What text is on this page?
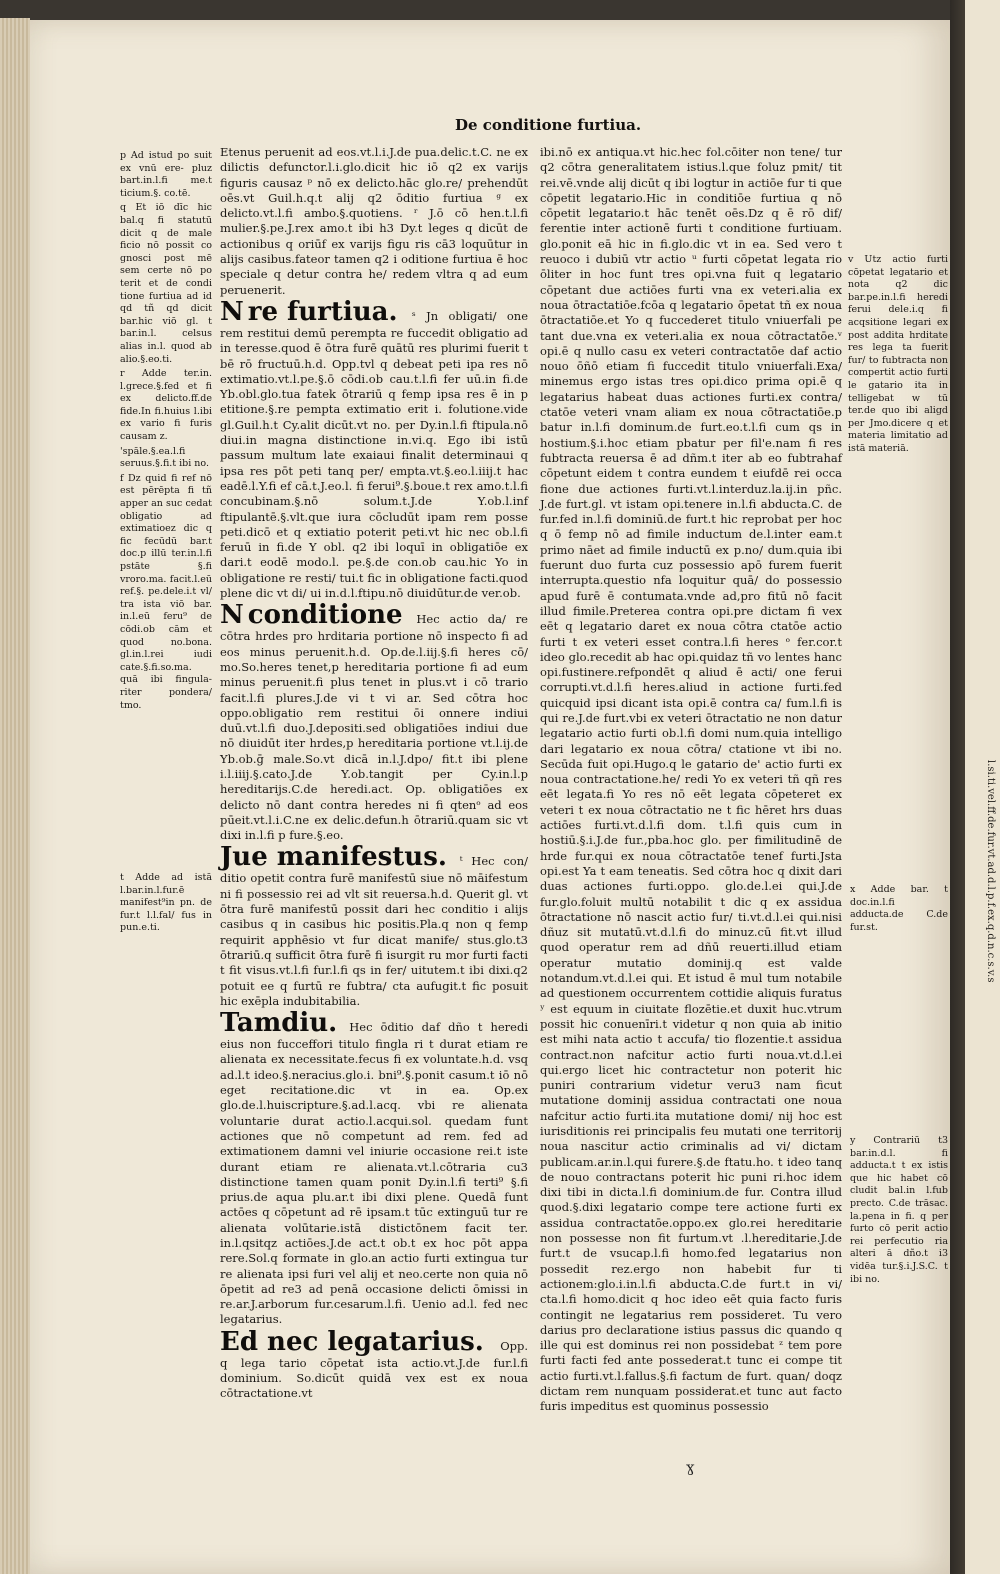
l.si.ti.vel.ff.de.fur.vt.ad.d.l.p.f.ex.q.d.n.c.s.v.s
De conditione furtiua.
p Ad istud po suit ex vnū ere- pluz bart.in.l.fi me.t ticium.§. co.tē.
q Et iō dīc hic bal.q fi statutū dicit q de male ficio nō possit co gnosci post mē sem certe nō po terit et de condi tione furtiua ad id qd tñ qd dicit bar.hic viō gl. t bar.in.l. celsus alias in.l. quod ab alio.§.eo.ti.
r Adde ter.in. l.grece.§.fed et fi ex delicto.ff.de fide.In fi.huius l.ibi ex vario fi furis causam z.
'spāle.§.ea.l.fi seruus.§.fi.t ibi no.
f Dz quid fi ref nō est pērēpta fi tñ apper an suc cedat obligatio ad extimatioez dic q fic fecūdū bar.t doc.p illū ter.in.l.fi pstāte §.fi vroro.ma. facit.l.eū ref.§. pe.dele.i.t vl/ tra ista viō bar. in.l.eū feru⁹ de cōdi.ob cām et quod no.bona. gl.in.l.rei iudi cate.§.fi.so.ma. quā ibi fingula- riter pondera/ tmo.
t Adde ad istā l.bar.in.l.fur.ē manifest⁹in pn. de fur.t l.l.fal/ fus in pun.e.ti.
Etenus peruenit ad eos.vt.l.i.J.de pua.delic.t.C. ne ex dilictis defunctor.l.i.glo.dicit hic iō q2 ex varijs figuris causaz ᵖ nō ex delicto.hāc glo.re/ prehendūt oēs.vt Guil.h.q.t alij q2 ōditio furtiua ᵍ ex delicto.vt.l.fi ambo.§.quotiens. ʳ J.ō cō hen.t.l.fi mulier.§.pe.J.rex amo.t ibi h3 Dy.t leges q dicūt de actionibus q oriūf ex varijs figu ris cā3 loquūtur in alijs casibus.fateor tamen q2 i oditione furtiua ē hoc speciale q detur contra he/ redem vltra q ad eum peruenerit.
N re furtiua. ˢ Jn obligati/ one rem restitui demū perempta re fuccedit obligatio ad in teresse.quod ē ōtra furē quātū res plurimi fuerit t bē rō fructuū.h.d. Opp.tvl q debeat peti ipa res nō extimatio.vt.l.pe.§.ō cōdi.ob cau.t.l.fi fer uū.in fi.de Yb.obl.glo.tua fatek ōtrariū q femp ipsa res ē in p etitione.§.re pempta extimatio erit i. folutione.vide gl.Guil.h.t Cy.alit dicūt.vt no. per Dy.in.l.fi ftipula.nō diui.in magna distinctione in.vi.q. Ego ibi istū passum multum late exaiaui finalit determinaui q ipsa res pōt peti tanq per/ empta.vt.§.eo.l.iiij.t hac eadē.l.Y.fi ef cā.t.J.eo.l. fi ferui⁹.§.boue.t rex amo.t.l.fi concubinam.§.nō solum.t.J.de Y.ob.l.inf ftipulantē.§.vlt.que iura cōcludūt ipam rem posse peti.dicō et q extiatio poterit peti.vt hic nec ob.l.fi feruū in fi.de Y obl. q2 ibi loquī in obligatiōe ex dari.t eodē modo.l. pe.§.de con.ob cau.hic Yo in obligatione re resti/ tui.t fic in obligatione facti.quod plene dic vt di/ ui in.d.l.ftipu.nō diuidūtur.de ver.ob.
N conditione Hec actio da/ re cōtra hrdes pro hrditaria portione nō inspecto fi ad eos minus peruenit.h.d. Op.de.l.iij.§.fi heres cō/ mo.So.heres tenet,p hereditaria portione fi ad eum minus peruenit.fi plus tenet in plus.vt i cō trario facit.l.fi plures.J.de vi t vi ar. Sed cōtra hoc oppo.obligatio rem restitui ōi onnere indiui duū.vt.l.fi duo.J.depositi.sed obligatiōes indiui due nō diuidūt iter hrdes,p hereditaria portione vt.l.ij.de Yb.ob.ḡ male.So.vt dicā in.l.J.dpo/ fit.t ibi plene i.l.iiij.§.cato.J.de Y.ob.tangit per Cy.in.l.p hereditarijs.C.de heredi.act. Op. obligatiōes ex delicto nō dant contra heredes ni fi qtenᵒ ad eos pūeit.vt.l.i.C.ne ex delic.defun.h ōtrariū.quam sic vt dixi in.l.fi p fure.§.eo.
Jue manifestus. ᵗ Hec con/ ditio opetit contra furē manifestū siue nō māifestum ni fi possessio rei ad vlt sit reuersa.h.d. Querit gl. vt ōtra furē manifestū possit dari hec conditio i alijs casibus q in casibus hic positis.Pla.q non q femp requirit apphēsio vt fur dicat manife/ stus.glo.t3 ōtrariū.q sufficit ōtra furē fi isurgit ru mor furti facti t fit visus.vt.l.fi fur.l.fi qs in fer/ uitutem.t ibi dixi.q2 potuit ee q furtū re fubtra/ cta aufugit.t fic posuit hic exēpla indubitabilia.
Tamdiu. Hec ōditio daf dño t heredi eius non fucceffori titulo fingla ri t durat etiam re alienata ex necessitate.fecus fi ex voluntate.h.d. vsq ad.l.t ideo.§.neracius.glo.i. bni⁹.§.ponit casum.t iō nō eget recitatione.dic vt in ea. Op.ex glo.de.l.huiscripture.§.ad.l.acq. vbi re alienata voluntarie durat actio.l.acqui.sol. quedam funt actiones que nō competunt ad rem. fed ad extimationem damni vel iniurie occasione rei.t iste durant etiam re alienata.vt.l.cōtraria cu3 distinctione tamen quam ponit Dy.in.l.fi terti⁹ §.fi prius.de aqua plu.ar.t ibi dixi plene. Quedā funt actōes q cōpetunt ad rē ipsam.t tūc extinguū tur re alienata volūtarie.istā distictōnem facit ter. in.l.qsitqz actiōes.J.de act.t ob.t ex hoc pōt appa rere.Sol.q formate in glo.an actio furti extingua tur re alienata ipsi furi vel alij et neo.certe non quia nō ōpetit ad re3 ad penā occasione delicti ōmissi in re.ar.J.arborum fur.cesarum.l.fi. Uenio ad.l. fed nec legatarius.
Ed nec legatarius. Opp. q lega tario cōpetat ista actio.vt.J.de fur.l.fi dominium. So.dicūt quidā vex est ex noua cōtractatione.vt
ibi.nō ex antiqua.vt hic.hec fol.cōiter non tene/ tur q2 cōtra generalitatem istius.l.que foluz pmit/ tit rei.vē.vnde alij dicūt q ibi logtur in actiōe fur ti que cōpetit legatario.Hic in conditiōe furtiua q nō cōpetit legatario.t hāc tenēt oēs.Dz q ē rō dif/ ferentie inter actionē furti t conditione furtiuam. glo.ponit eā hic in fi.glo.dic vt in ea. Sed vero t reuoco i dubiū vtr actio ᵘ furti cōpetat legata rio ōliter in hoc funt tres opi.vna fuit q legatario cōpetant due actiōes furti vna ex veteri.alia ex noua ōtractatiōe.fcōa q legatario ōpetat tñ ex noua ōtractatiōe.et Yo q fuccederet titulo vniuerfali pe tant due.vna ex veteri.alia ex noua cōtractatōe.ᵛ opi.ē q nullo casu ex veteri contractatōe daf actio nouo ōñō etiam fi fuccedit titulo vniuerfali.Exa/ minemus ergo istas tres opi.dico prima opi.ē q legatarius habeat duas actiones furti.ex contra/ ctatōe veteri vnam aliam ex noua cōtractatiōe.p batur in.l.fi dominum.de furt.eo.t.l.fi cum qs in hostium.§.i.hoc etiam pbatur per fil'e.nam fi res fubtracta reuersa ē ad dñm.t iter ab eo fubtrahaf cōpetunt eidem t contra eundem t eiufdē rei occa fione due actiones furti.vt.l.interduz.la.ij.in pñc. J.de furt.gl. vt istam opi.tenere in.l.fi abducta.C. de fur.fed in.l.fi dominiū.de furt.t hic reprobat per hoc q ō femp nō ad fimile inductum de.l.inter eam.t primo nāet ad fimile inductū ex p.no/ dum.quia ibi fuerunt duo furta cuz possessio apō furem fuerit interrupta.questio nfa loquitur quā/ do possessio apud furē ē contumata.vnde ad,pro fitū nō facit illud fimile.Preterea contra opi.pre dictam fi vex eēt q legatario daret ex noua cōtra ctatōe actio furti t ex veteri esset contra.l.fi heres ᵒ fer.cor.t ideo glo.recedit ab hac opi.quidaz tñ vo lentes hanc opi.fustinere.refpondēt q aliud ē acti/ one ferui corrupti.vt.d.l.fi heres.aliud in actione furti.fed quicquid ipsi dicant ista opi.ē contra ca/ fum.l.fi is qui re.J.de furt.vbi ex veteri ōtractatio ne non datur legatario actio furti ob.l.fi domi num.quia intelligo dari legatario ex noua cōtra/ ctatione vt ibi no. Secūda fuit opi.Hugo.q le gatario de' actio furti ex noua contractatione.he/ redi Yo ex veteri tñ qñ res eēt legata.fi Yo res nō eēt legata cōpeteret ex veteri t ex noua cōtractatio ne t fic hēret hrs duas actiōes furti.vt.d.l.fi dom. t.l.fi quis cum in hostiū.§.i.J.de fur.,pba.hoc glo. per fimilitudinē de hrde fur.qui ex noua cōtractatōe tenef furti.Jsta opi.est Ya t eam teneatis. Sed cōtra hoc q dixit dari duas actiones furti.oppo. glo.de.l.ei qui.J.de fur.glo.foluit multū notabilit t dic q ex assidua ōtractatione nō nascit actio fur/ ti.vt.d.l.ei qui.nisi dñuz sit mutatū.vt.d.l.fi do minuz.cū fit.vt illud quod operatur rem ad dñū reuerti.illud etiam operatur mutatio dominij.q est valde notandum.vt.d.l.ei qui. Et istud ē mul tum notabile ad questionem occurrentem cottidie aliquis furatus ʸ est equum in ciuitate flozētie.et duxit huc.vtrum possit hic conuenīri.t videtur q non quia ab initio est mihi nata actio t accufa/ tio flozentie.t assidua contract.non nafcitur actio furti noua.vt.d.l.ei qui.ergo licet hic contractetur non poterit hic puniri contrarium videtur veru3 nam ficut mutatione dominij assidua contractati one noua nafcitur actio furti.ita mutatione domi/ nij hoc est iurisditionis rei principalis feu mutati one territorij noua nascitur actio criminalis ad vi/ dictam publicam.ar.in.l.qui furere.§.de ftatu.ho. t ideo tanq de nouo contractans poterit hic puni ri.hoc idem dixi tibi in dicta.l.fi dominium.de fur. Contra illud quod.§.dixi legatario compe tere actione furti ex assidua contractatōe.oppo.ex glo.rei hereditarie non possesse non fit furtum.vt .l.hereditarie.J.de furt.t de vsucap.l.fi homo.fed legatarius non possedit rez.ergo non habebit fur ti actionem:glo.i.in.l.fi abducta.C.de furt.t in vi/ cta.l.fi homo.dicit q hoc ideo eēt quia facto furis contingit ne legatarius rem possideret. Tu vero darius pro declaratione istius passus dic quando q ille qui est dominus rei non possidebat ᶻ tem pore furti facti fed ante possederat.t tunc ei compe tit actio furti.vt.l.fallus.§.fi factum de furt. quan/ doqz dictam rem nunquam possiderat.et tunc aut facto furis impeditus est quominus possessio
v Utz actio furti cōpetat legatario et nota q2 dic bar.pe.in.l.fi heredi ferui dele.i.q fi acqsitione legari ex post addita hrditate res lega ta fuerit fur/ to fubtracta non compertit actio furti le gatario ita in telligebat w tū ter.de quo ibi aligd per Jmo.dicere q et materia limitatio ad istā materiā.
x Adde bar. t doc.in.l.fi adducta.de C.de fur.st.
y Contrariū t3 bar.in.d.l. fi adducta.t t ex istis que hic habet cō cludit bal.in l.fub precto. C.de trāsac. la.pena in fi. q per furto cō perit actio rei perfecutio ria alteri ā dño.t i3 vidēa tur.§.i.J.S.C. t ibi no.
ɣ
